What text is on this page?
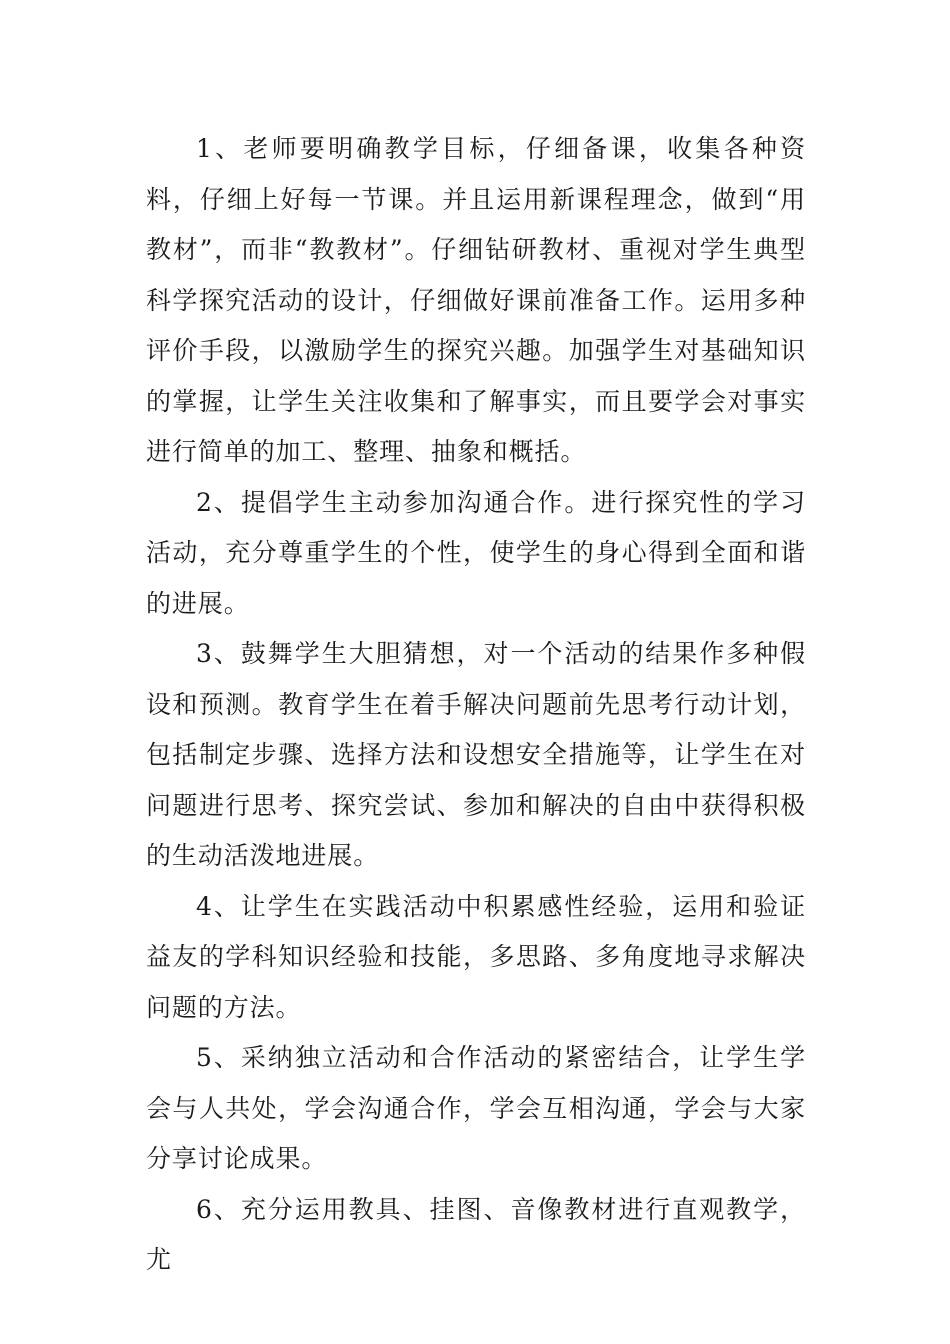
1、老师要明确教学目标，仔细备课，收集各种资料，仔细上好每一节课。并且运用新课程理念，做到“用教材”，而非“教教材”。仔细钻研教材、重视对学生典型科学探究活动的设计，仔细做好课前准备工作。运用多种评价手段，以激励学生的探究兴趣。加强学生对基础知识的掌握，让学生关注收集和了解事实，而且要学会对事实进行简单的加工、整理、抽象和概括。

2、提倡学生主动参加沟通合作。进行探究性的学习活动，充分尊重学生的个性，使学生的身心得到全面和谐的进展。

3、鼓舞学生大胆猜想，对一个活动的结果作多种假设和预测。教育学生在着手解决问题前先思考行动计划，包括制定步骤、选择方法和设想安全措施等，让学生在对问题进行思考、探究尝试、参加和解决的自由中获得积极的生动活泼地进展。

4、让学生在实践活动中积累感性经验，运用和验证益友的学科知识经验和技能，多思路、多角度地寻求解决问题的方法。

5、采纳独立活动和合作活动的紧密结合，让学生学会与人共处，学会沟通合作，学会互相沟通，学会与大家分享讨论成果。

6、充分运用教具、挂图、音像教材进行直观教学，尤
